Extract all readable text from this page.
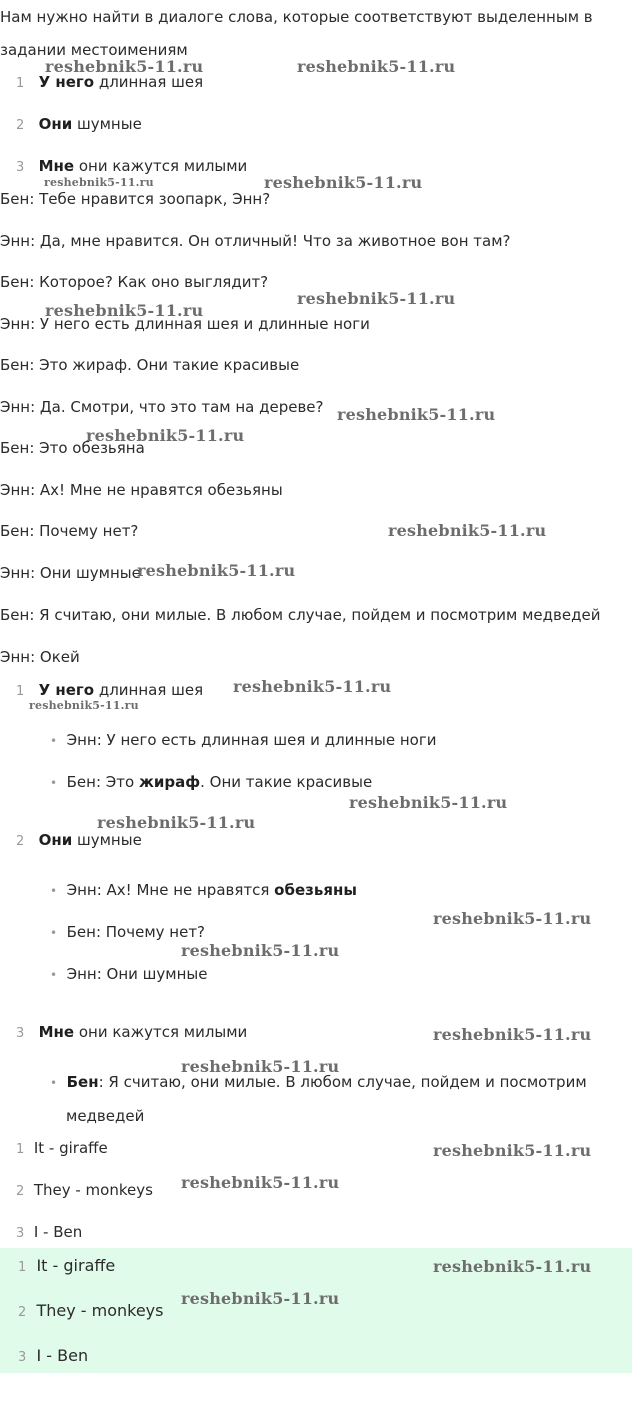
Нам нужно найти в диалоге слова, которые соответствуют выделенным в
задании местоимениям
1 У него длинная шея
2 Они шумные
3 Мне они кажутся милыми
Бен: Тебе нравится зоопарк, Энн?
Энн: Да, мне нравится. Он отличный! Что за животное вон там?
Бен: Которое? Как оно выглядит?
Энн: У него есть длинная шея и длинные ноги
Бен: Это жираф. Они такие красивые
Энн: Да. Смотри, что это там на дереве?
Бен: Это обезьяна
Энн: Ах! Мне не нравятся обезьяны
Бен: Почему нет?
Энн: Они шумные
Бен: Я считаю, они милые. В любом случае, пойдем и посмотрим медведей
Энн: Окей
1 У него длинная шея
• Энн: У него есть длинная шея и длинные ноги
• Бен: Это жираф. Они такие красивые
2 Они шумные
• Энн: Ах! Мне не нравятся обезьяны
• Бен: Почему нет?
• Энн: Они шумные
3 Мне они кажутся милыми
• Бен: Я считаю, они милые. В любом случае, пойдем и посмотрим
медведей
1 It - giraffe
2 They - monkeys
3 I - Ben
1 It - giraffe
2 They - monkeys
3 I - Ben
reshebnik5-11.ru	reshebnik5-11.ru
reshebnik5-11.ru	reshebnik5-11.ru
reshebnik5-11.ru
reshebnik5-11.ru
reshebnik5-11.ru
reshebnik5-11.ru
reshebnik5-11.ru
reshebnik5-11.ru
reshebnik5-11.ru
reshebnik5-11.ru
reshebnik5-11.ru
reshebnik5-11.ru
reshebnik5-11.ru
reshebnik5-11.ru
reshebnik5-11.ru
reshebnik5-11.ru
reshebnik5-11.ru
reshebnik5-11.ru
reshebnik5-11.ru
reshebnik5-11.ru
